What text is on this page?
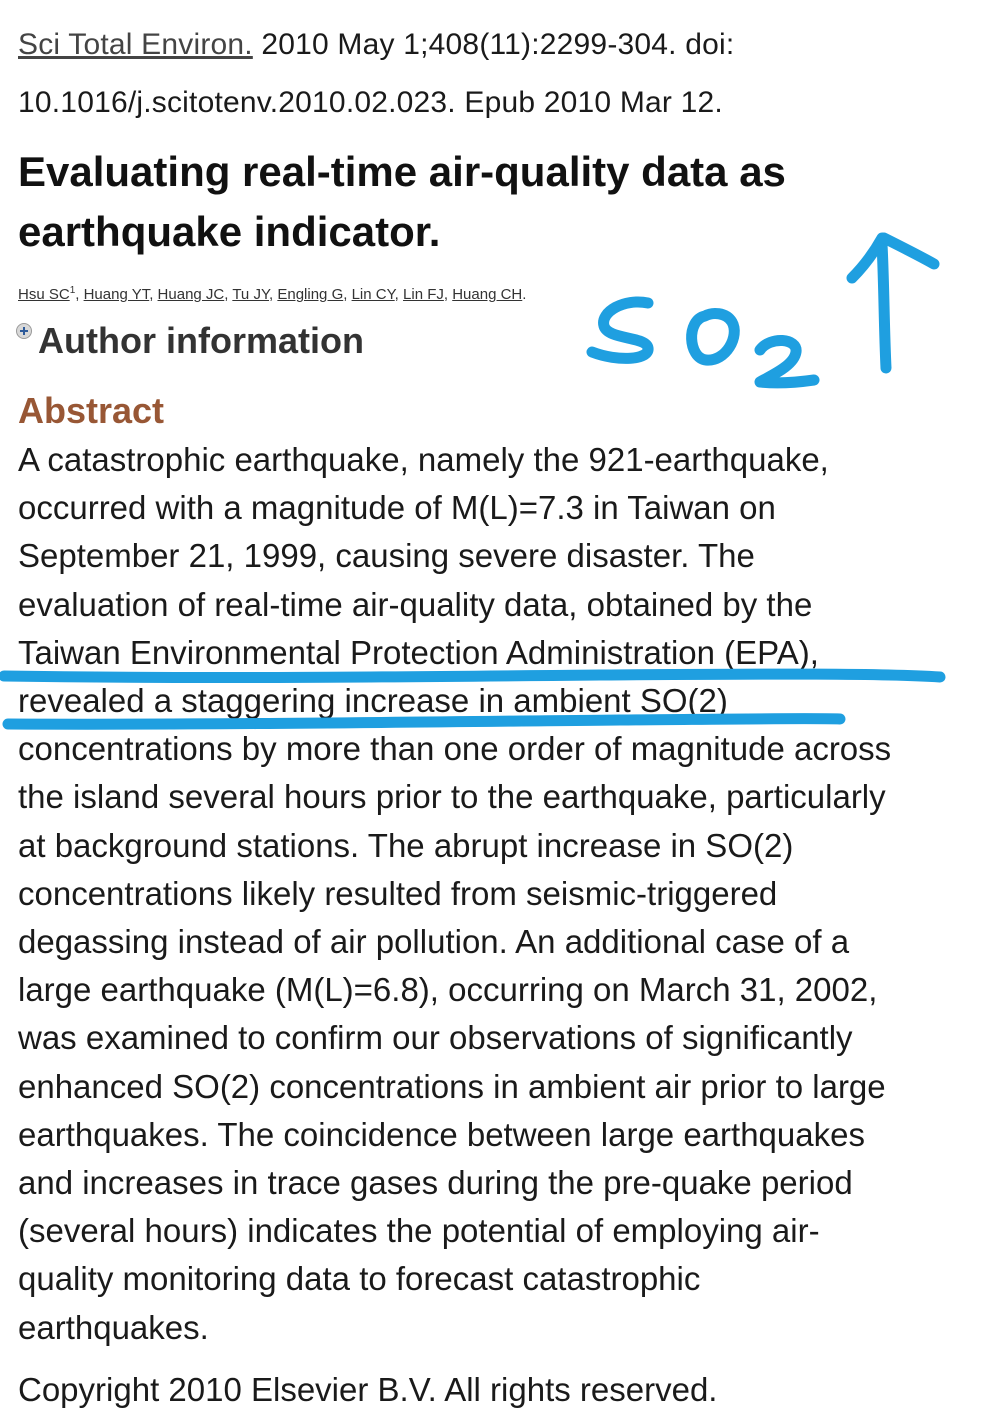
Sci Total Environ. 2010 May 1;408(11):2299-304. doi:
10.1016/j.scitotenv.2010.02.023. Epub 2010 Mar 12.
Evaluating real-time air-quality data as earthquake indicator.
Hsu $SC^1$, Huang YT, Huang JC, Tu JY, Engling G, Lin CY, Lin FJ, Huang CH.
Author information
Abstract
A catastrophic earthquake, namely the 921-earthquake,
occurred with a magnitude of M(L)=7.3 in Taiwan on
September 21, 1999, causing severe disaster. The
evaluation of real-time air-quality data, obtained by the
Taiwan Environmental Protection Administration (EPA),
revealed a staggering increase in ambient SO(2)
concentrations by more than one order of magnitude across
the island several hours prior to the earthquake, particularly
at background stations. The abrupt increase in SO(2)
concentrations likely resulted from seismic-triggered
degassing instead of air pollution. An additional case of a
large earthquake (M(L)=6.8), occurring on March 31, 2002,
was examined to confirm our observations of significantly
enhanced SO(2) concentrations in ambient air prior to large
earthquakes. The coincidence between large earthquakes
and increases in trace gases during the pre-quake period
(several hours) indicates the potential of employing air-
quality monitoring data to forecast catastrophic
earthquakes.
Copyright 2010 Elsevier B.V. All rights reserved.
